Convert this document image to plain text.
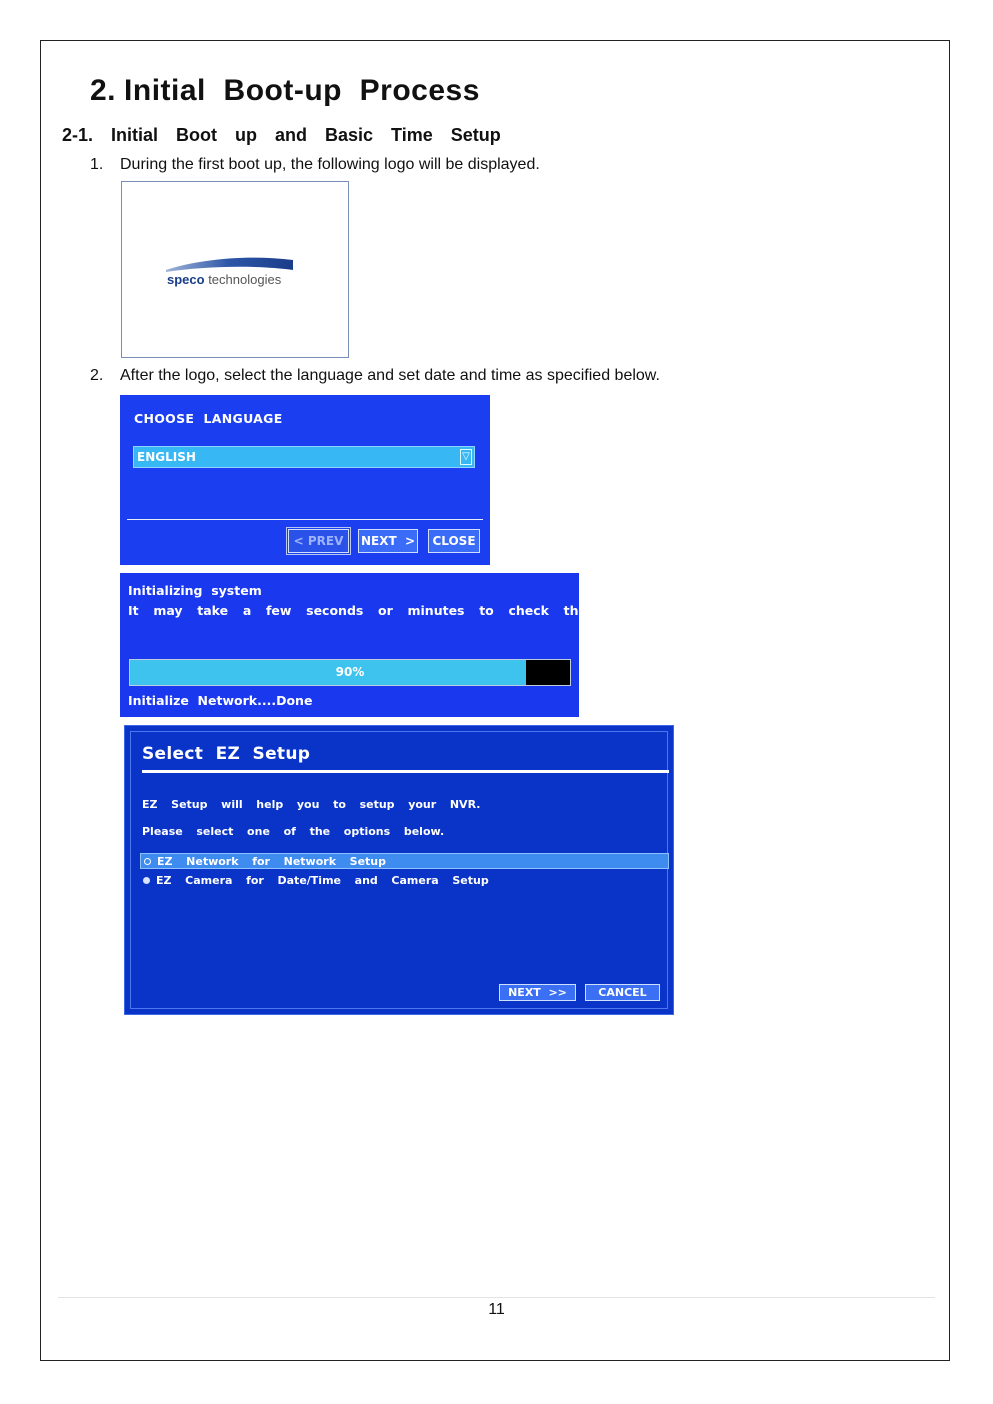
2. Initial  Boot-up  Process
2-1.  Initial  Boot  up  and  Basic  Time  Setup
1. During the first boot up, the following logo will be displayed.
speco technologies
2. After the logo, select the language and set date and time as specified below.
CHOOSE  LANGUAGE
ENGLISH	▽
< PREV	NEXT  >	CLOSE
Initializing  system
It  may  take  a  few  seconds  or  minutes  to  check  the  system
90%
Initialize  Network....Done
Select  EZ  Setup
EZ  Setup  will  help  you  to  setup  your  NVR.
Please  select  one  of  the  options  below.
EZ  Network  for  Network  Setup
EZ  Camera  for  Date/Time  and  Camera  Setup
NEXT  >>	CANCEL
11
